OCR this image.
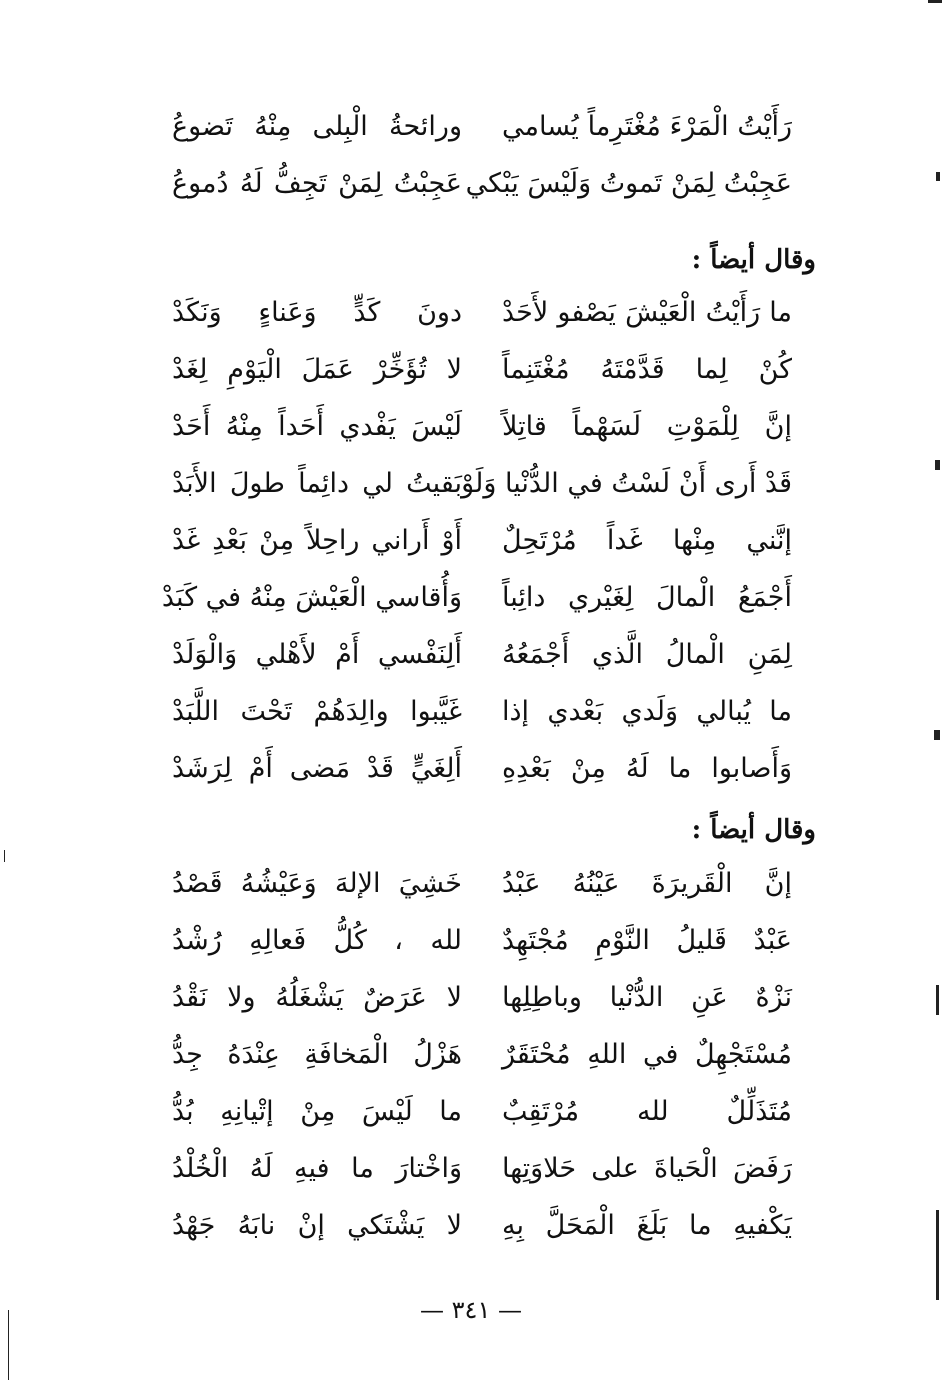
رَأَيْتُ الْمَرْءَ مُغْتَرِماً يُسامي
ورائحةُ الْبِلى مِنْهُ تَضوعُ
عَجِبْتُ لِمَنْ تَموتُ وَلَيْسَ يَبْكي
عَجِبْتُ لِمَنْ تَجِفُّ لَهُ دُموعُ
وقال أيضاً :
ما رَأَيْتُ الْعَيْشَ يَصْفو لأَحَدْ
دونَ كَدٍّ وَعَناءٍ وَنَكَدْ
كُنْ لِما قَدَّمْتَهُ مُغْتَنِماً
لا تُؤَخِّرْ عَمَلَ الْيَوْمِ لِغَدْ
إنَّ لِلْمَوْتِ لَسَهْماً قاتِلاً
لَيْسَ يَفْدي أَحَداً مِنْهُ أَحَدْ
قَدْ أَرى أَنْ لَسْتُ في الدُّنْيا وَلَوْ
بَقيتُ لي دائِماً طولَ الأَبَدْ
إنَّني مِنْها غَداً مُرْتَحِلٌ
أَوْ أَراني راحِلاً مِنْ بَعْدِ غَدْ
أَجْمَعُ الْمالَ لِغَيْري دائِباً
وَأُقاسي الْعَيْشَ مِنْهُ في كَبَدْ
لِمَنِ الْمالُ الَّذي أَجْمَعُهُ
أَلِنَفْسي أَمْ لأَهْلي وَالْوَلَدْ
ما يُبالي وَلَدي بَعْدي إذا
غَيَّبوا والِدَهُمْ تَحْتَ اللَّبَدْ
وَأَصابوا ما لَهُ مِنْ بَعْدِهِ
أَلِغَيٍّ قَدْ مَضى أَمْ لِرَشَدْ
وقال أيضاً :
إنَّ الْقَريرَةَ عَيْنُهُ عَبْدُ
خَشِيَ الإلهَ وَعَيْشُهُ قَصْدُ
عَبْدٌ قَليلُ النَّوْمِ مُجْتَهِدٌ
لله ، كُلُّ فَعالِهِ رُشْدُ
نَزْهٌ عَنِ الدُّنْيا وباطِلِها
لا عَرَضٌ يَشْغَلُهُ ولا نَقْدُ
مُسْتَجْهِلٌ في اللهِ مُحْتَقَرٌ
هَزْلُ الْمَخافَةِ عِنْدَهُ جِدُّ
مُتَذَلِّلٌ لله مُرْتَقِبٌ
ما لَيْسَ مِنْ إتْيانِهِ بُدُّ
رَفَضَ الْحَياةَ على حَلاوَتِها
وَاخْتارَ ما فيهِ لَهُ الْخُلْدُ
يَكْفيهِ ما بَلَغَ الْمَحَلَّ بِهِ
لا يَشْتَكي إنْ نابَهُ جَهْدُ
— ٣٤١ —
